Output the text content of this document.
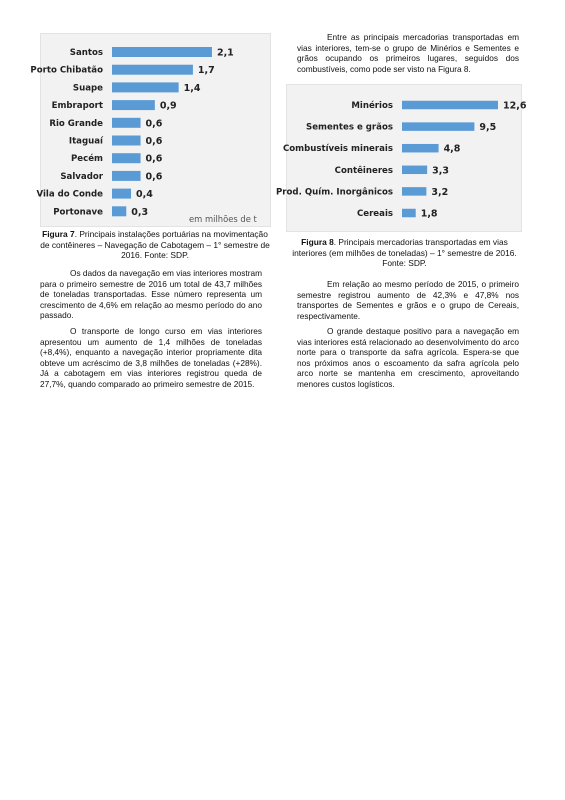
em milhões de t
Santos	2,1
Porto Chibatão	1,7
Suape	1,4
Embraport	0,9
Rio Grande	0,6
Itaguaí	0,6
Pecém	0,6
Salvador	0,6
Vila do Conde	0,4
Portonave	0,3
Figura 7. Principais instalações portuárias na movimentação de contêineres – Navegação de Cabotagem – 1° semestre de 2016. Fonte: SDP.

Os dados da navegação em vias interiores mostram para o primeiro semestre de 2016 um total de 43,7 milhões de toneladas transportadas. Esse número representa um crescimento de 4,6% em relação ao mesmo período do ano passado.

O transporte de longo curso em vias interiores apresentou um aumento de 1,4 milhões de toneladas (+8,4%), enquanto a navegação interior propriamente dita obteve um acréscimo de 3,8 milhões de toneladas (+28%). Já a cabotagem em vias interiores registrou queda de 27,7%, quando comparado ao primeiro semestre de 2015.

Entre as principais mercadorias transportadas em vias interiores, tem-se o grupo de Minérios e Sementes e grãos ocupando os primeiros lugares, seguidos dos combustíveis, como pode ser visto na Figura 8.

Minérios	12,6
Sementes e grãos	9,5
Combustíveis minerais	4,8
Contêineres	3,3
Prod. Quím. Inorgânicos	3,2
Cereais	1,8
Figura 8. Principais mercadorias transportadas em vias interiores (em milhões de toneladas) – 1° semestre de 2016. Fonte: SDP.

Em relação ao mesmo período de 2015, o primeiro semestre registrou aumento de 42,3% e 47,8% nos transportes de Sementes e grãos e o grupo de Cereais, respectivamente.

O grande destaque positivo para a navegação em vias interiores está relacionado ao desenvolvimento do arco norte para o transporte da safra agrícola. Espera-se que nos próximos anos o escoamento da safra agrícola pelo arco norte se mantenha em crescimento, aproveitando menores custos logísticos.
